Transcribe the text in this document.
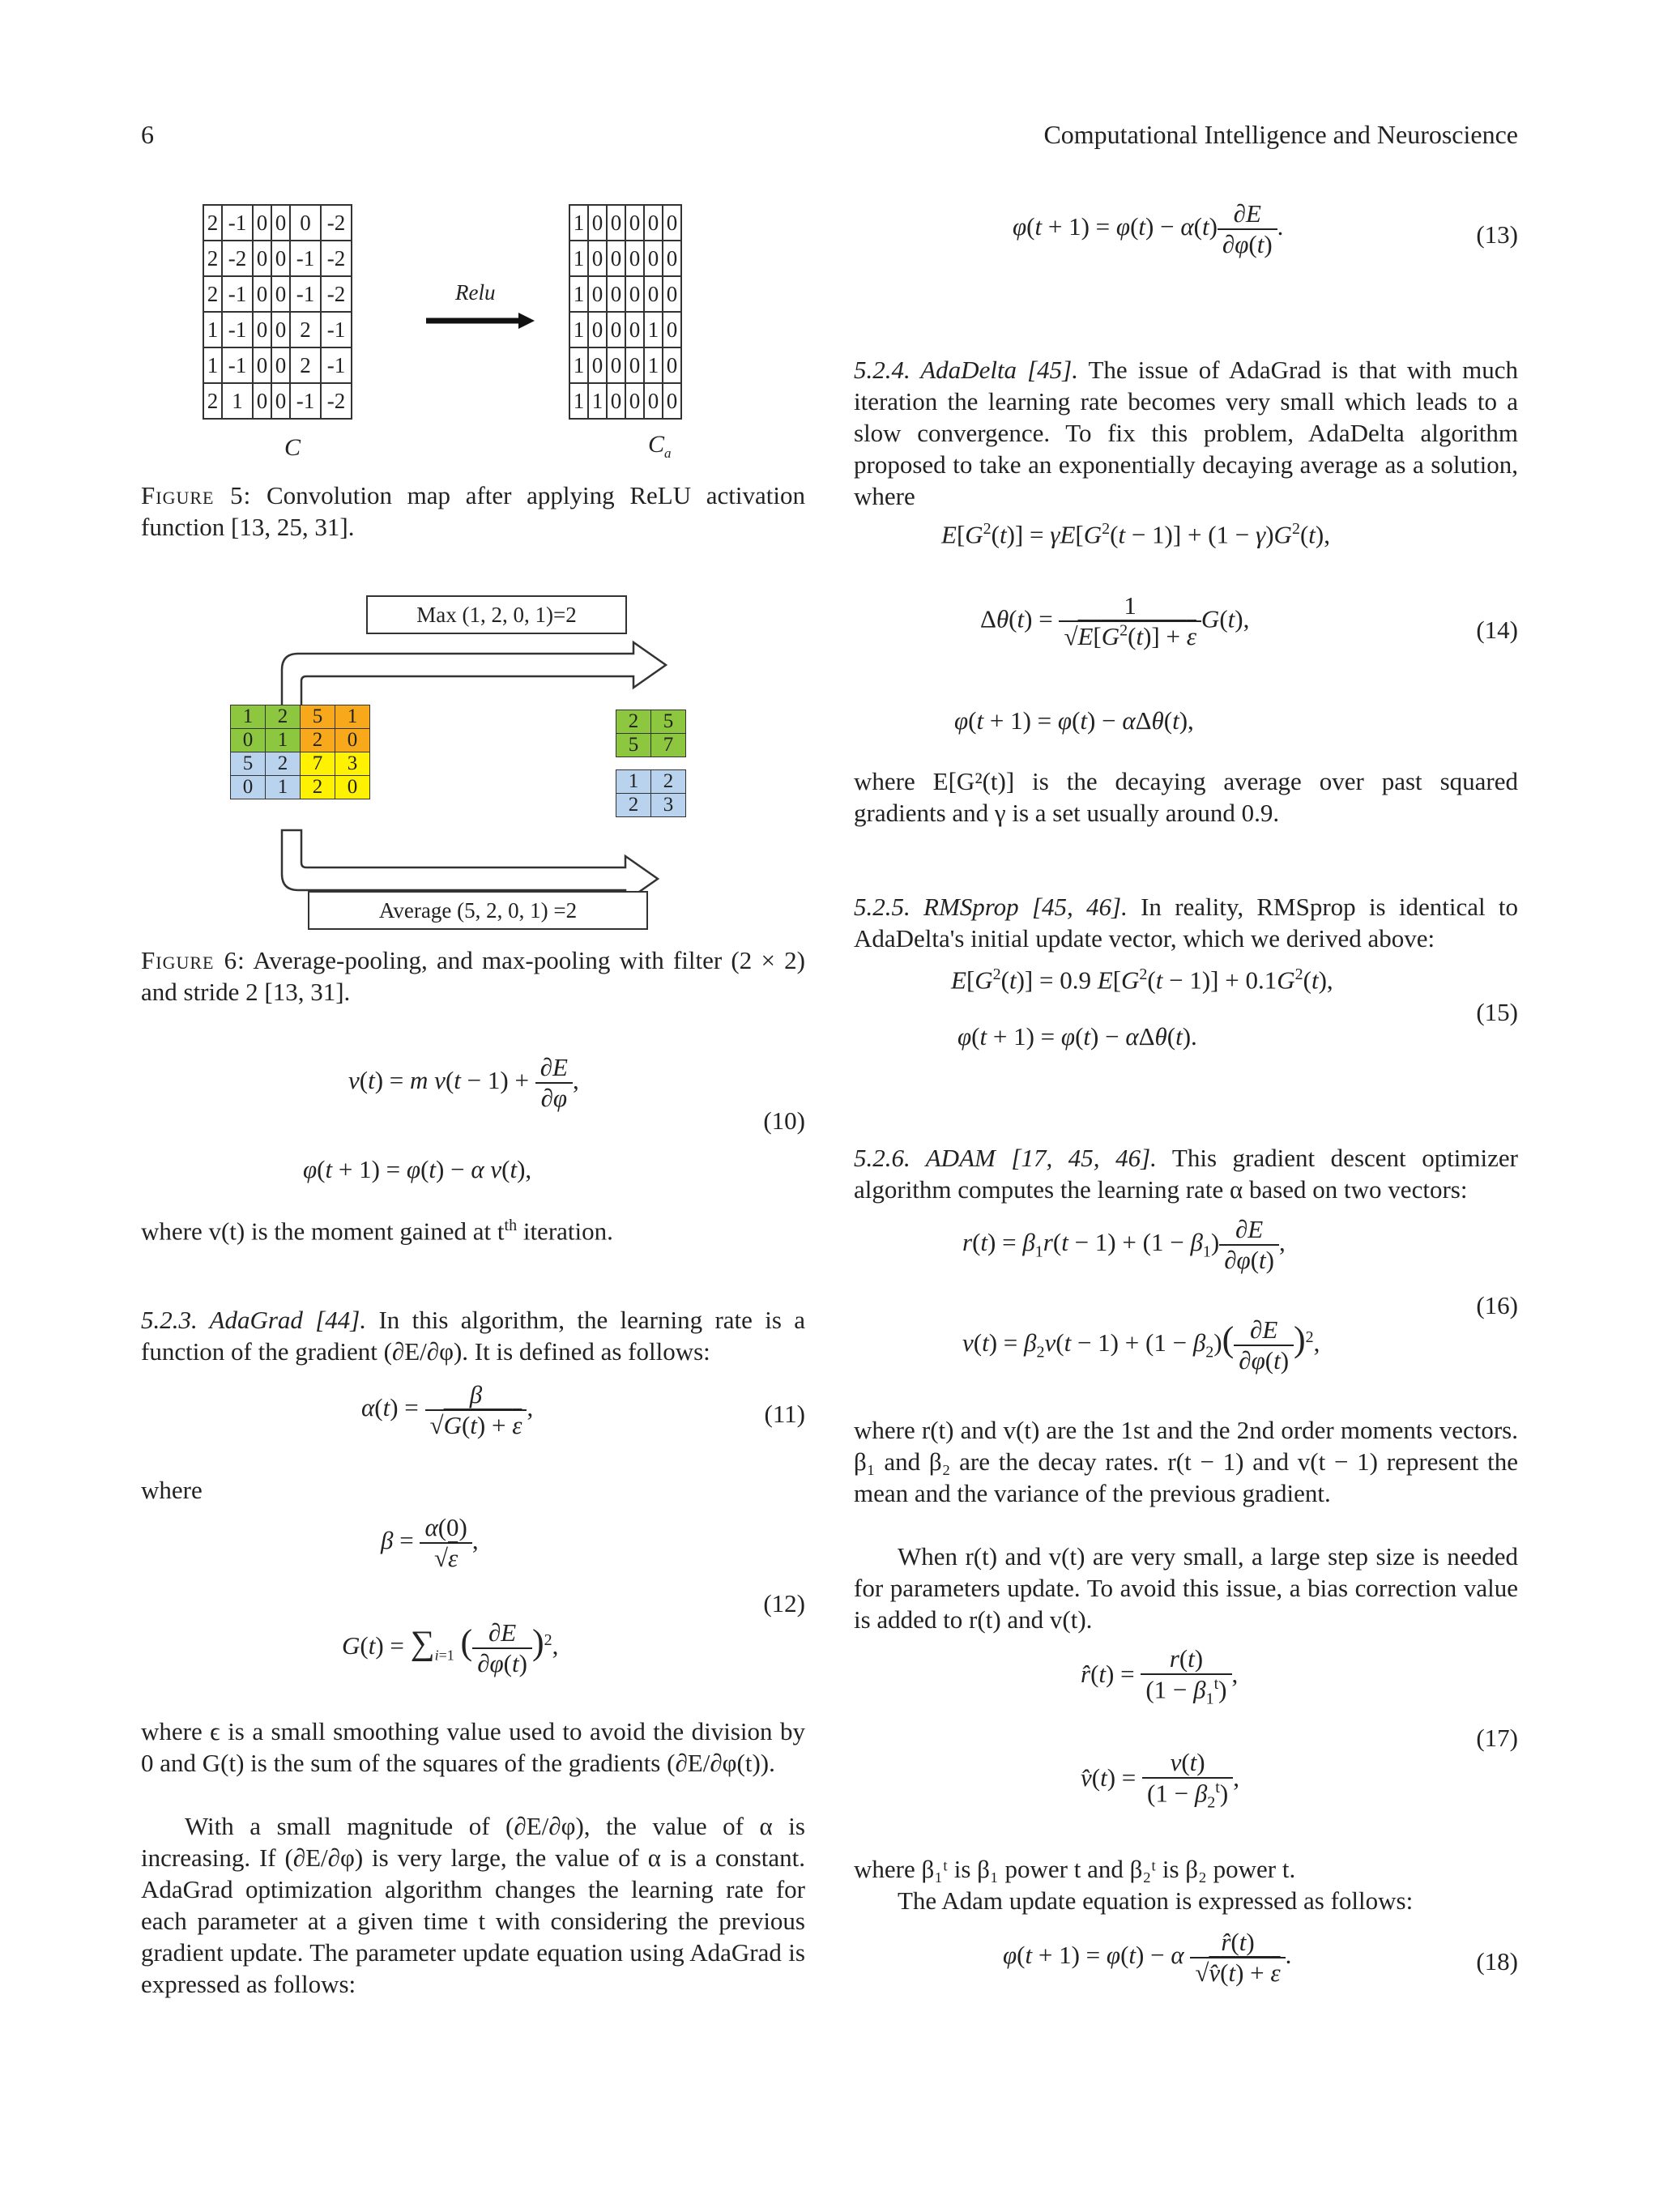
6	Computational Intelligence and Neuroscience
2	-1	0	0	0	-2
2	-2	0	0	-1	-2
2	-1	0	0	-1	-2
1	-1	0	0	2	-1
1	-1	0	0	2	-1
2	1	0	0	-1	-2
Relu
1	0	0	0	0	0
1	0	0	0	0	0
1	0	0	0	0	0
1	0	0	0	1	0
1	0	0	0	1	0
1	1	0	0	0	0
C	$C_a$
Figure 5: Convolution map after applying ReLU activation function [13, 25, 31].
Max (1, 2, 0, 1)=2
1	2	5	1
0	1	2	0
5	2	7	3
0	1	2	0
2	5
5	7
1	2
2	3
Average (5, 2, 0, 1) =2
Figure 6: Average-pooling, and max-pooling with filter (2 × 2) and stride 2 [13, 31].
v(t) = m $v(t - 1) + \frac{\partial E}{\partial\varphi}$ ,
φ(t + 1) = φ(t) − α v(t),
(10)
where v(t) is the moment gained at $t^{th}$ iteration.
5.2.3. AdaGrad [44]. In this algorithm, the learning rate is a function of the gradient (∂E/∂φ). It is defined as follows:
$\alpha(t) = \frac{\beta}{√G(t) + \varepsilon}$ ,	(11)
where
$\beta = \frac{\alpha(0)}{√\varepsilon}$ ,
$G(t) = \sum_{i=1}$ ( $\frac{\partial E}{\partial\varphi(t)} )^2$,
(12)
where ϵ is a small smoothing value used to avoid the division by 0 and G(t) is the sum of the squares of the gradients (∂E/∂φ(t)).
With a small magnitude of (∂E/∂φ), the value of α is increasing. If (∂E/∂φ) is very large, the value of α is a constant. AdaGrad optimization algorithm changes the learning rate for each parameter at a given time t with considering the previous gradient update. The parameter update equation using AdaGrad is expressed as follows:
$\varphi(t + 1) = \varphi(t) - \alpha(t) \frac{\partial E}{\partial\varphi(t)}$ .	(13)
5.2.4. AdaDelta [45]. The issue of AdaGrad is that with much iteration the learning rate becomes very small which leads to a slow convergence. To fix this problem, AdaDelta algorithm proposed to take an exponentially decaying average as a solution, where
$E[G^2(t)] = \gamma E[G^2(t - 1)] + (1 - \gamma)G^2(t)$,
$\Delta\theta(t) = \frac{1}{√E[G^2(t)] + \varepsilon} G(t)$,
φ(t + 1) = φ(t) − αΔθ(t),
(14)
where E[G²(t)] is the decaying average over past squared gradients and γ is a set usually around 0.9.
5.2.5. RMSprop [45, 46]. In reality, RMSprop is identical to AdaDelta's initial update vector, which we derived above:
$E[G^2(t)] = 0.9$ $E[G^2(t - 1)] + 0.1G^2(t)$,
φ(t + 1) = φ(t) − αΔθ(t).
(15)
5.2.6. ADAM [17, 45, 46]. This gradient descent optimizer algorithm computes the learning rate α based on two vectors:
$r(t) = \beta_1r(t - 1) + (1 - \beta_1) \frac{\partial E}{\partial\varphi(t)}$ ,
$v(t) = \beta_2v(t - 1) + (1 - \beta_2)( \frac{\partial E}{\partial\varphi(t)} )^2$,
(16)
where r(t) and v(t) are the 1st and the 2nd order moments vectors. β₁ and β₂ are the decay rates. r(t − 1) and v(t − 1) represent the mean and the variance of the previous gradient.
When r(t) and v(t) are very small, a large step size is needed for parameters update. To avoid this issue, a bias correction value is added to r(t) and v(t).
r̂(t) = $\frac{r(t)}{(1 - \beta_1^t)}$ ,
v̂(t) = $\frac{v(t)}{(1 - \beta_2^t)}$ ,
(17)
where β₁ᵗ is β₁ power t and β₂ᵗ is β₂ power t.
The Adam update equation is expressed as follows:
φ(t + 1) = φ(t) − α $\frac{r̂(t)}{√v̂(t) + \varepsilon}$ .	(18)
